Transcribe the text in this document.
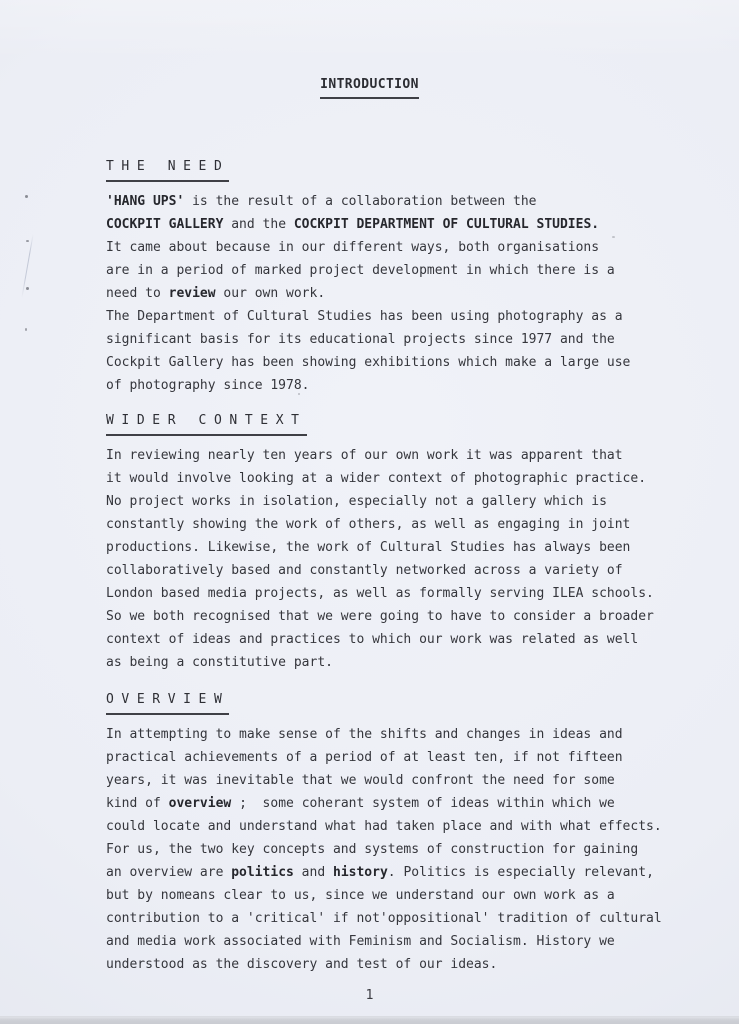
INTRODUCTION
THE NEED
'HANG UPS' is the result of a collaboration between the
COCKPIT GALLERY and the COCKPIT DEPARTMENT OF CULTURAL STUDIES.
It came about because in our different ways, both organisations
are in a period of marked project development in which there is a
need to review our own work.
The Department of Cultural Studies has been using photography as a
significant basis for its educational projects since 1977 and the
Cockpit Gallery has been showing exhibitions which make a large use
of photography since 1978.
WIDER CONTEXT
In reviewing nearly ten years of our own work it was apparent that
it would involve looking at a wider context of photographic practice.
No project works in isolation, especially not a gallery which is
constantly showing the work of others, as well as engaging in joint
productions. Likewise, the work of Cultural Studies has always been
collaboratively based and constantly networked across a variety of
London based media projects, as well as formally serving ILEA schools.
So we both recognised that we were going to have to consider a broader
context of ideas and practices to which our work was related as well
as being a constitutive part.
OVERVIEW
In attempting to make sense of the shifts and changes in ideas and
practical achievements of a period of at least ten, if not fifteen
years, it was inevitable that we would confront the need for some
kind of overview ;  some coherant system of ideas within which we
could locate and understand what had taken place and with what effects.
For us, the two key concepts and systems of construction for gaining
an overview are politics and history. Politics is especially relevant,
but by nomeans clear to us, since we understand our own work as a
contribution to a 'critical' if not'oppositional' tradition of cultural
and media work associated with Feminism and Socialism. History we
understood as the discovery and test of our ideas.
1
